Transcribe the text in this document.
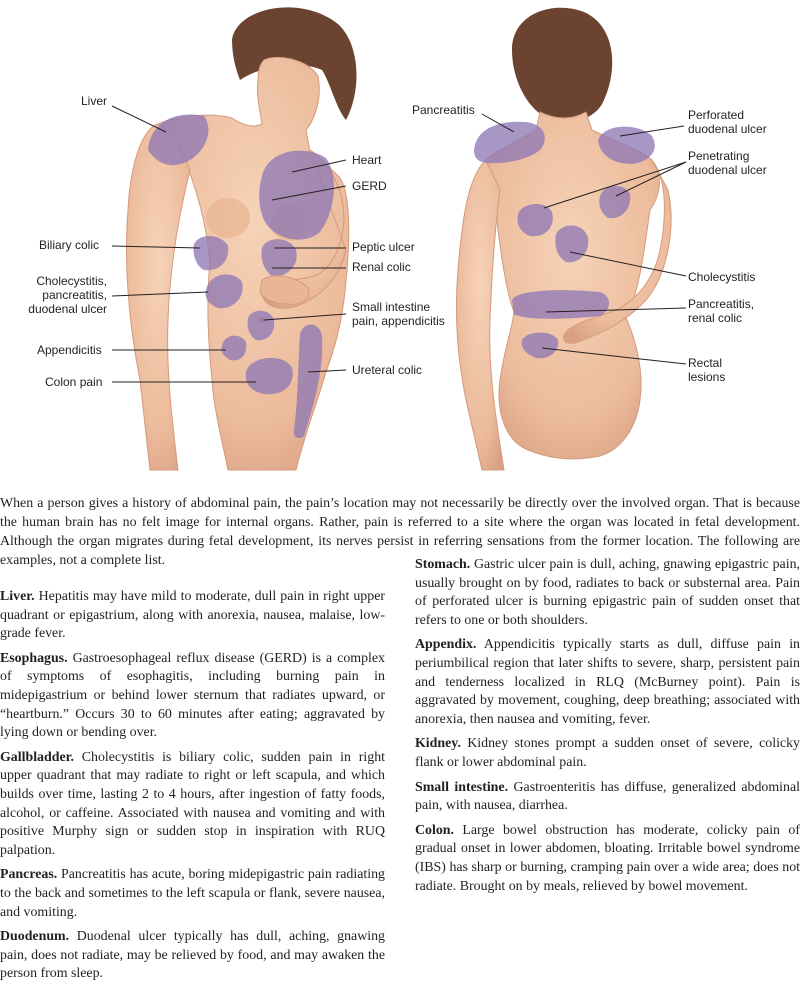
Liver
Heart
GERD
Biliary colic	Peptic ulcer
Renal colic
Cholecystitis,
pancreatitis,
duodenal ulcer	Small intestine
pain, appendicitis
Appendicitis
Ureteral colic
Colon pain
Pancreatitis	Perforated
duodenal ulcer
Penetrating
duodenal ulcer
Cholecystitis
Pancreatitis,
renal colic
Rectal
lesions

When a person gives a history of abdominal pain, the pain’s location may not necessarily be directly over the involved organ. That is because the human brain has no felt image for internal organs. Rather, pain is referred to a site where the organ was located in fetal development. Although the organ migrates during fetal development, its nerves persist in referring sensations from the former location. The following are examples, not a complete list.

Liver. Hepatitis may have mild to moderate, dull pain in right upper quadrant or epigastrium, along with anorexia, nausea, malaise, low-grade fever.

Esophagus. Gastroesophageal reflux disease (GERD) is a complex of symptoms of esophagitis, including burning pain in midepigastrium or behind lower sternum that radiates upward, or “heartburn.” Occurs 30 to 60 minutes after eating; aggravated by lying down or bending over.

Gallbladder. Cholecystitis is biliary colic, sudden pain in right upper quadrant that may radiate to right or left scapula, and which builds over time, lasting 2 to 4 hours, after ingestion of fatty foods, alcohol, or caffeine. Associated with nausea and vomiting and with positive Murphy sign or sudden stop in inspiration with RUQ palpation.

Pancreas. Pancreatitis has acute, boring midepigastric pain radiating to the back and sometimes to the left scapula or flank, severe nausea, and vomiting.

Duodenum. Duodenal ulcer typically has dull, aching, gnawing pain, does not radiate, may be relieved by food, and may awaken the person from sleep.

Stomach. Gastric ulcer pain is dull, aching, gnawing epigastric pain, usually brought on by food, radiates to back or substernal area. Pain of perforated ulcer is burning epigastric pain of sudden onset that refers to one or both shoulders.

Appendix. Appendicitis typically starts as dull, diffuse pain in periumbilical region that later shifts to severe, sharp, persistent pain and tenderness localized in RLQ (McBurney point). Pain is aggravated by movement, coughing, deep breathing; associated with anorexia, then nausea and vomiting, fever.

Kidney. Kidney stones prompt a sudden onset of severe, colicky flank or lower abdominal pain.

Small intestine. Gastroenteritis has diffuse, generalized abdominal pain, with nausea, diarrhea.

Colon. Large bowel obstruction has moderate, colicky pain of gradual onset in lower abdomen, bloating. Irritable bowel syndrome (IBS) has sharp or burning, cramping pain over a wide area; does not radiate. Brought on by meals, relieved by bowel movement.
